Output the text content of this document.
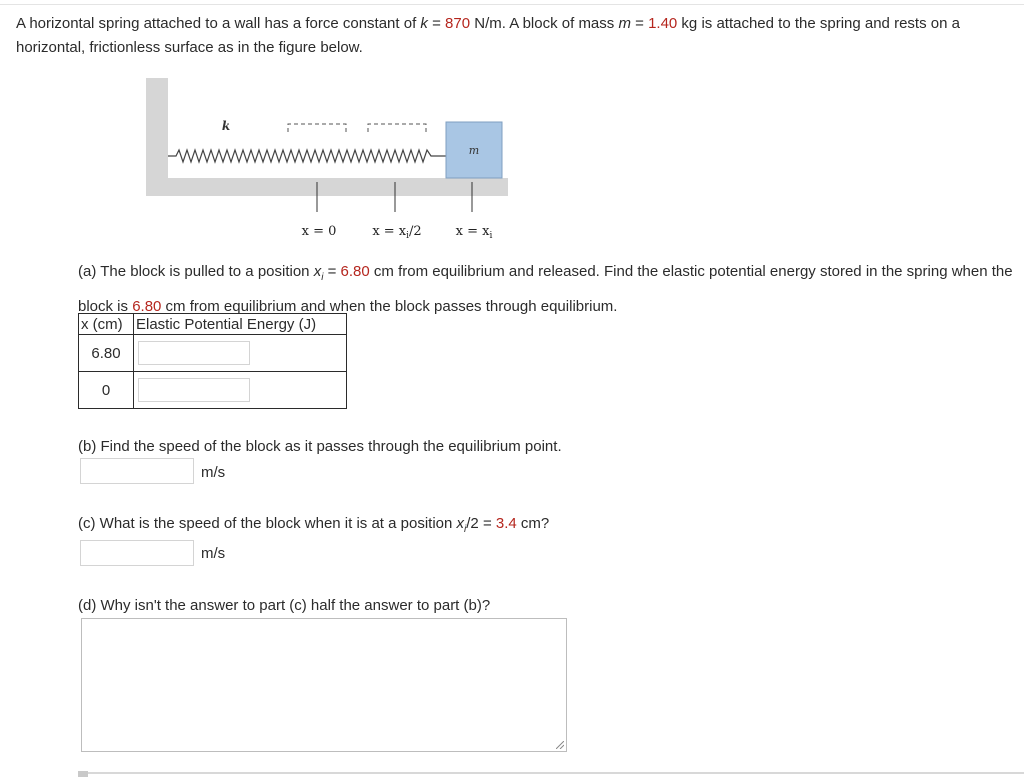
A horizontal spring attached to a wall has a force constant of k = 870 N/m. A block of mass m = 1.40 kg is attached to the spring and rests on a horizontal, frictionless surface as in the figure below.
m
k
x = 0	$x = x_i/2$	$x = x_i$

(a) The block is pulled to a position $x_i = 6.80$ cm from equilibrium and released. Find the elastic potential energy stored in the spring when the block is 6.80 cm from equilibrium and when the block passes through equilibrium.

x (cm)	Elastic Potential Energy (J)
6.80	

0	
(b) Find the speed of the block as it passes through the equilibrium point.
m/s
(c) What is the speed of the block when it is at a position $x_i/2 = 3.4$ cm?
m/s
(d) Why isn't the answer to part (c) half the answer to part (b)?
